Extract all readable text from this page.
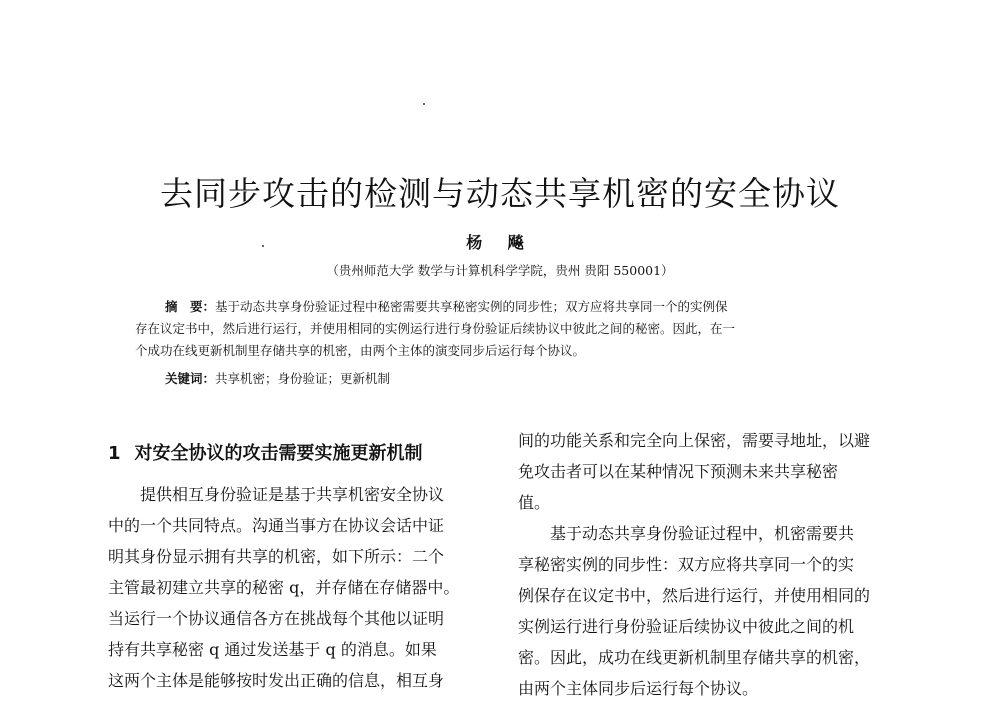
去同步攻击的检测与动态共享机密的安全协议
杨 飚
（贵州师范大学 数学与计算机科学学院，贵州 贵阳 550001）
摘　要：基于动态共享身份验证过程中秘密需要共享秘密实例的同步性；双方应将共享同一个的实例保
存在议定书中，然后进行运行，并使用相同的实例运行进行身份验证后续协议中彼此之间的秘密。因此，在一
个成功在线更新机制里存储共享的机密，由两个主体的演变同步后运行每个协议。
关键词：共享机密；身份验证；更新机制
1 对安全协议的攻击需要实施更新机制
提供相互身份验证是基于共享机密安全协议
中的一个共同特点。沟通当事方在协议会话中证
明其身份显示拥有共享的机密，如下所示：二个
主管最初建立共享的秘密 q，并存储在存储器中。
当运行一个协议通信各方在挑战每个其他以证明
持有共享秘密 q 通过发送基于 q 的消息。如果
这两个主体是能够按时发出正确的信息，相互身
间的功能关系和完全向上保密，需要寻地址，以避
免攻击者可以在某种情况下预测未来共享秘密
值。
基于动态共享身份验证过程中，机密需要共
享秘密实例的同步性：双方应将共享同一个的实
例保存在议定书中，然后进行运行，并使用相同的
实例运行进行身份验证后续协议中彼此之间的机
密。因此，成功在线更新机制里存储共享的机密，
由两个主体同步后运行每个协议。
